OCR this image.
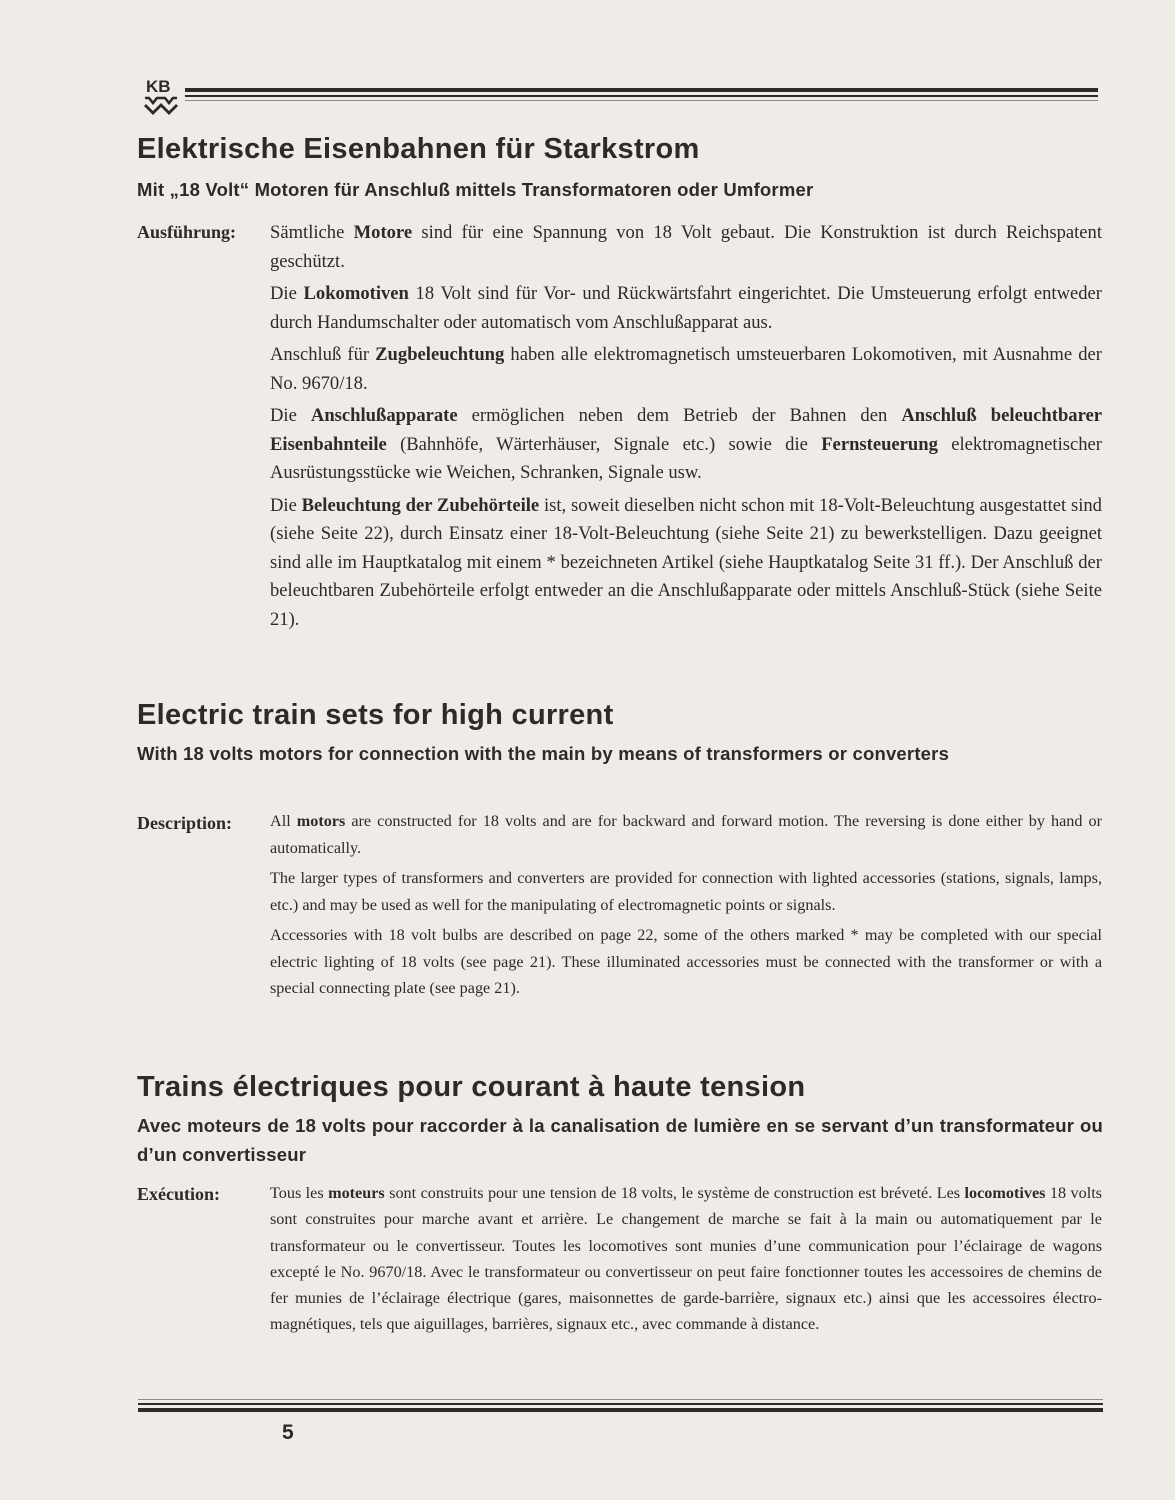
KB
Elektrische Eisenbahnen für Starkstrom
Mit „18 Volt“ Motoren für Anschluß mittels Transformatoren oder Umformer
Ausführung: Sämtliche Motore sind für eine Spannung von 18 Volt gebaut. Die Konstruktion ist durch Reichspatent geschützt.

Die Lokomotiven 18 Volt sind für Vor- und Rückwärtsfahrt eingerichtet. Die Umsteuerung erfolgt entweder durch Handumschalter oder automatisch vom Anschlußapparat aus.

Anschluß für Zugbeleuchtung haben alle elektromagnetisch umsteuerbaren Lokomotiven, mit Ausnahme der No. 9670/18.

Die Anschlußapparate ermöglichen neben dem Betrieb der Bahnen den Anschluß beleuchtbarer Eisenbahnteile (Bahnhöfe, Wärterhäuser, Signale etc.) sowie die Fernsteuerung elektromagnetischer Ausrüstungsstücke wie Weichen, Schranken, Signale usw.

Die Beleuchtung der Zubehörteile ist, soweit dieselben nicht schon mit 18-Volt-Beleuchtung ausgestattet sind (siehe Seite 22), durch Einsatz einer 18-Volt-Beleuchtung (siehe Seite 21) zu bewerkstelligen. Dazu geeignet sind alle im Hauptkatalog mit einem * bezeichneten Artikel (siehe Hauptkatalog Seite 31 ff.). Der Anschluß der beleuchtbaren Zubehörteile erfolgt entweder an die Anschlußapparate oder mittels Anschluß-Stück (siehe Seite 21).

Electric train sets for high current
With 18 volts motors for connection with the main by means of transformers or converters
Description: All motors are constructed for 18 volts and are for backward and forward motion. The reversing is done either by hand or automatically.

The larger types of transformers and converters are provided for connection with lighted accessories (stations, signals, lamps, etc.) and may be used as well for the manipulating of electromagnetic points or signals.

Accessories with 18 volt bulbs are described on page 22, some of the others marked * may be completed with our special electric lighting of 18 volts (see page 21). These illuminated accessories must be connected with the transformer or with a special connecting plate (see page 21).

Trains électriques pour courant à haute tension
Avec moteurs de 18 volts pour raccorder à la canalisation de lumière en se servant d’un transformateur ou d’un convertisseur
Exécution:	Tous les moteurs sont construits pour une tension de 18 volts, le système de construction est bréveté. Les locomotives 18 volts sont construites pour marche avant et arrière. Le changement de marche se fait à la main ou automatiquement par le transformateur ou le convertisseur. Toutes les locomotives sont munies d’une communication pour l’éclairage de wagons excepté le No. 9670/18. Avec le transformateur ou convertisseur on peut faire fonctionner toutes les accessoires de chemins de fer munies de l’éclairage électrique (gares, maisonnettes de garde-barrière, signaux etc.) ainsi que les accessoires électro-magnétiques, tels que aiguillages, barrières, signaux etc., avec commande à distance.

5
